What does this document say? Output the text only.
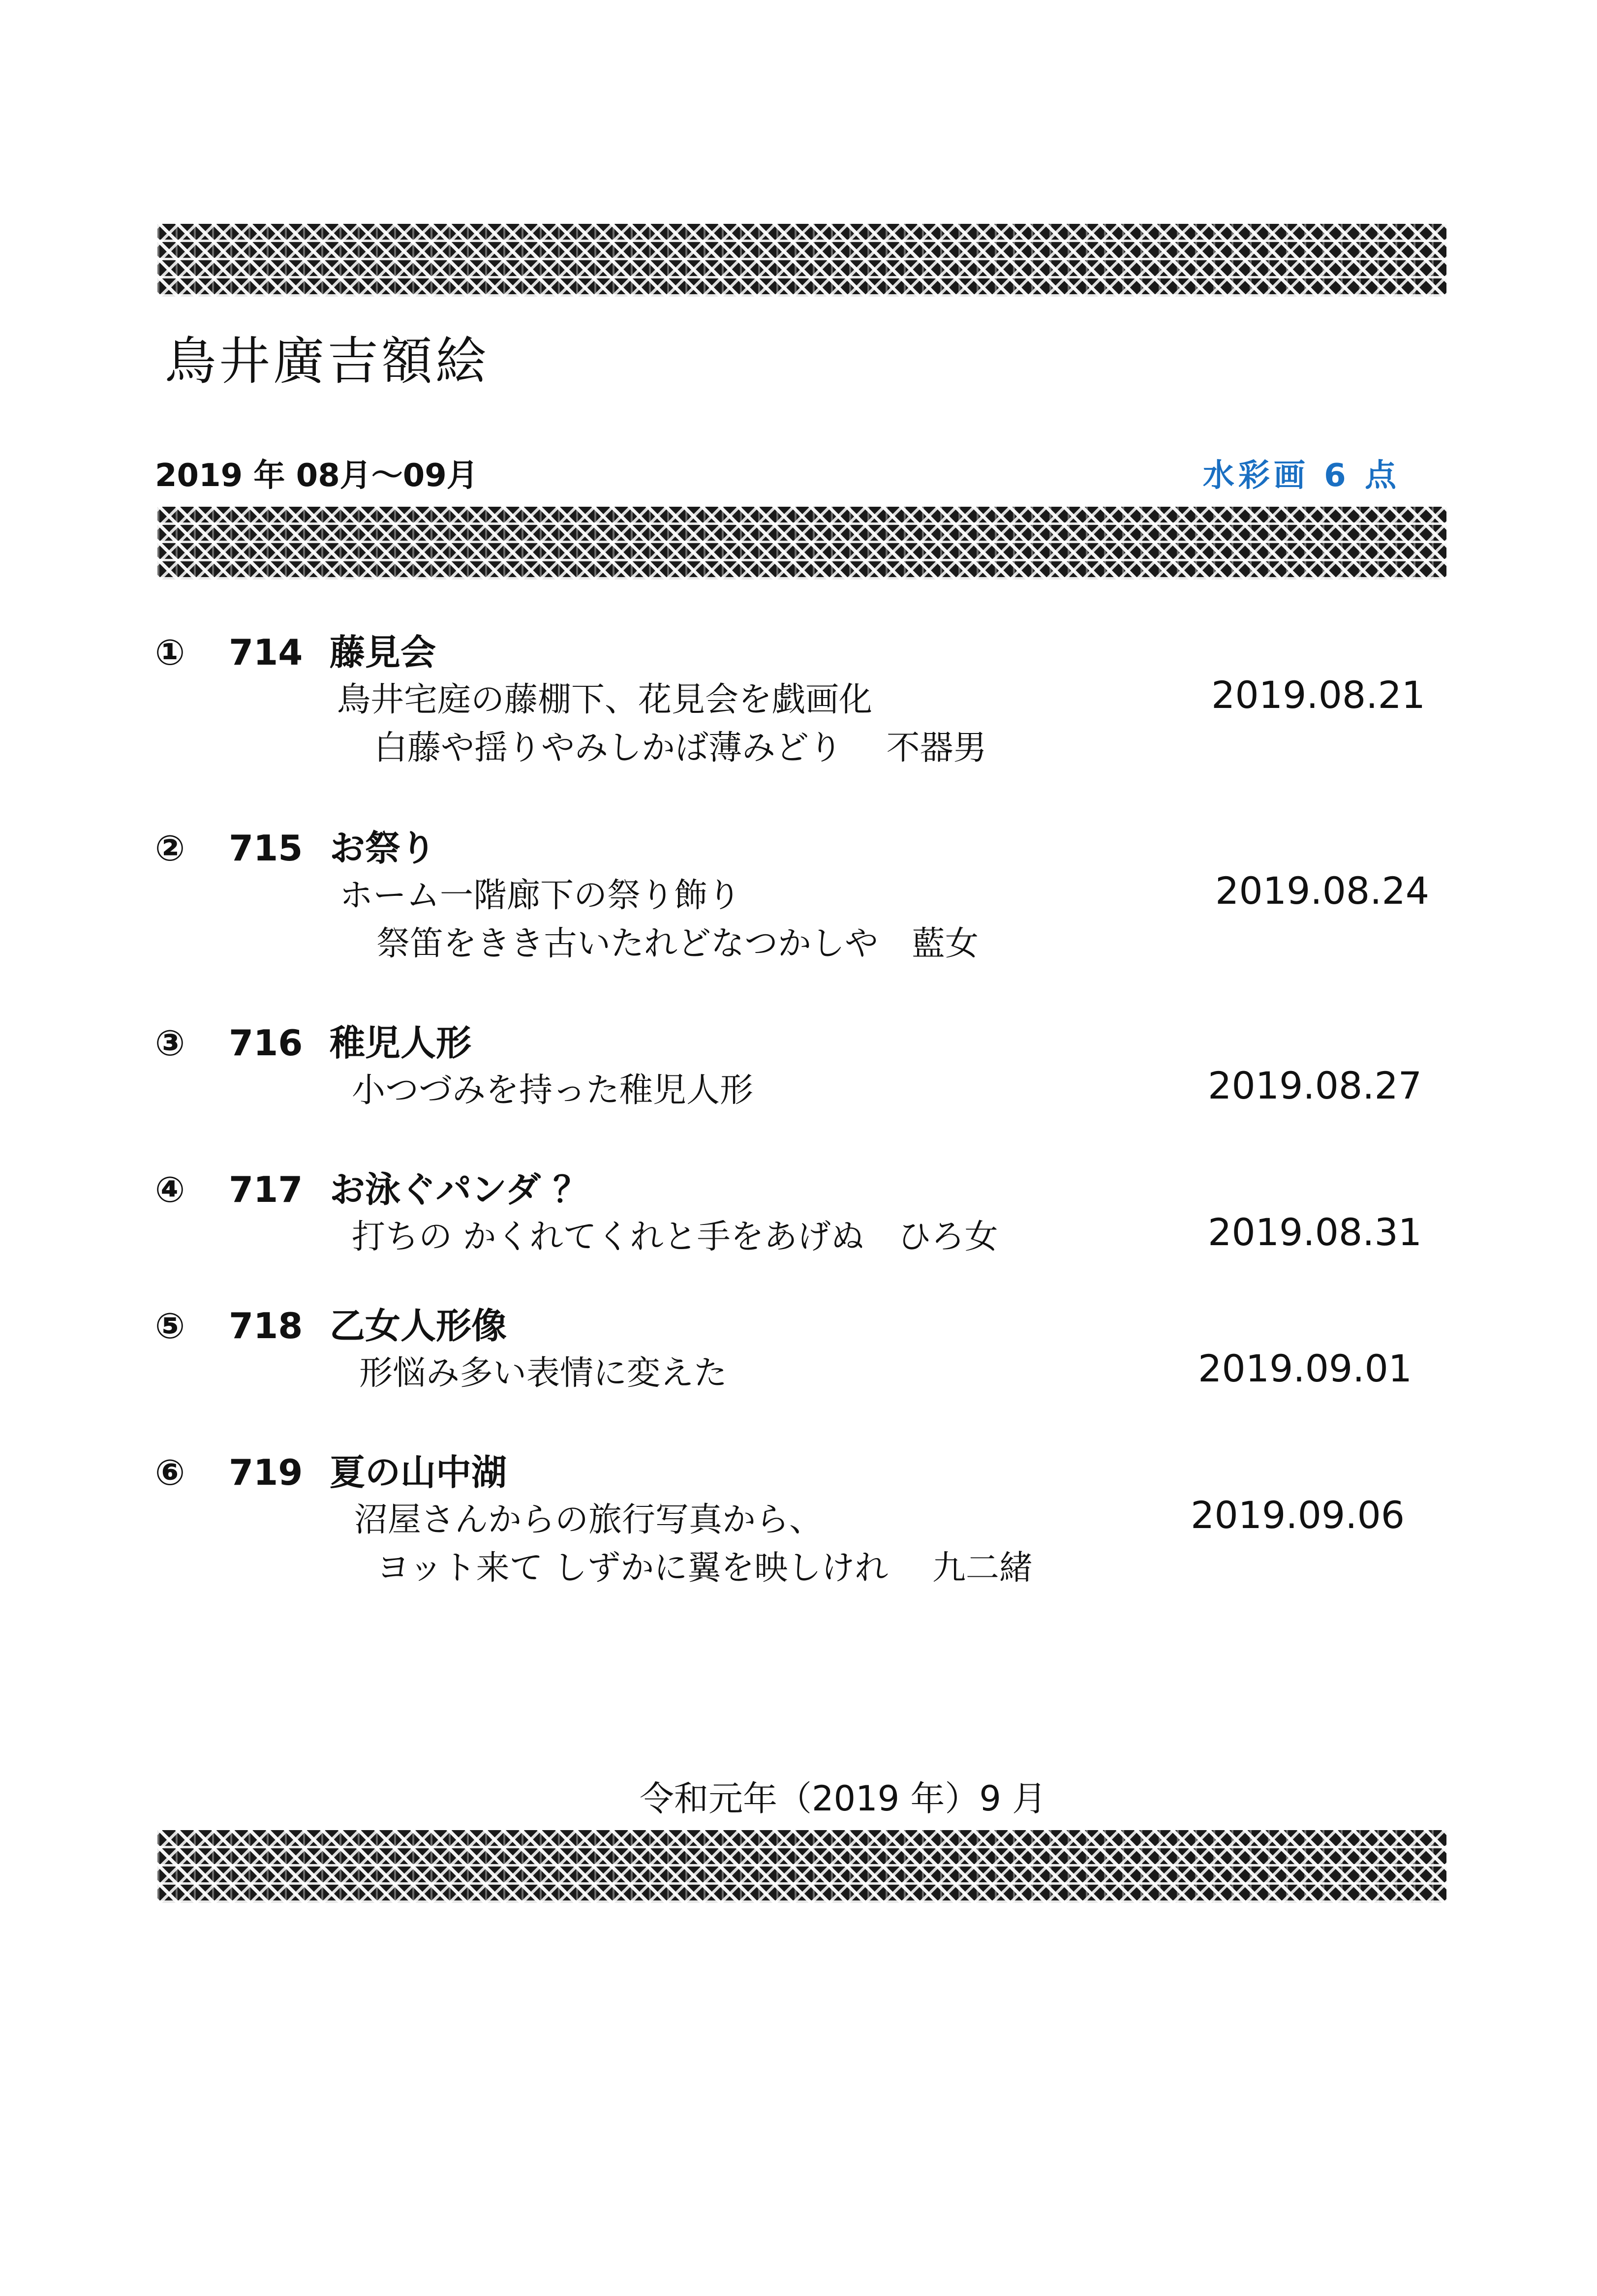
鳥井廣吉額絵
2019 年 08月～09月	水彩画 6 点
① 714 藤見会
鳥井宅庭の藤棚下、花見会を戯画化	2019.08.21
白藤や揺りやみしかば薄みどり　 不器男
② 715 お祭り
ホーム一階廊下の祭り飾り	2019.08.24
祭笛をきき古いたれどなつかしや　藍女
③ 716 稚児人形
小つづみを持った稚児人形	2019.08.27
④ 717 お泳ぐパンダ ？
打ちの かくれてくれと手をあげぬ　ひろ女	2019.08.31
⑤ 718 乙女人形像
形悩み多い表情に変えた	2019.09.01
⑥ 719 夏の山中湖
沼屋さんからの旅行写真から、	2019.09.06
ヨット来て しずかに翼を映しけれ　 九二緒
令和元年（2019 年）9 月
